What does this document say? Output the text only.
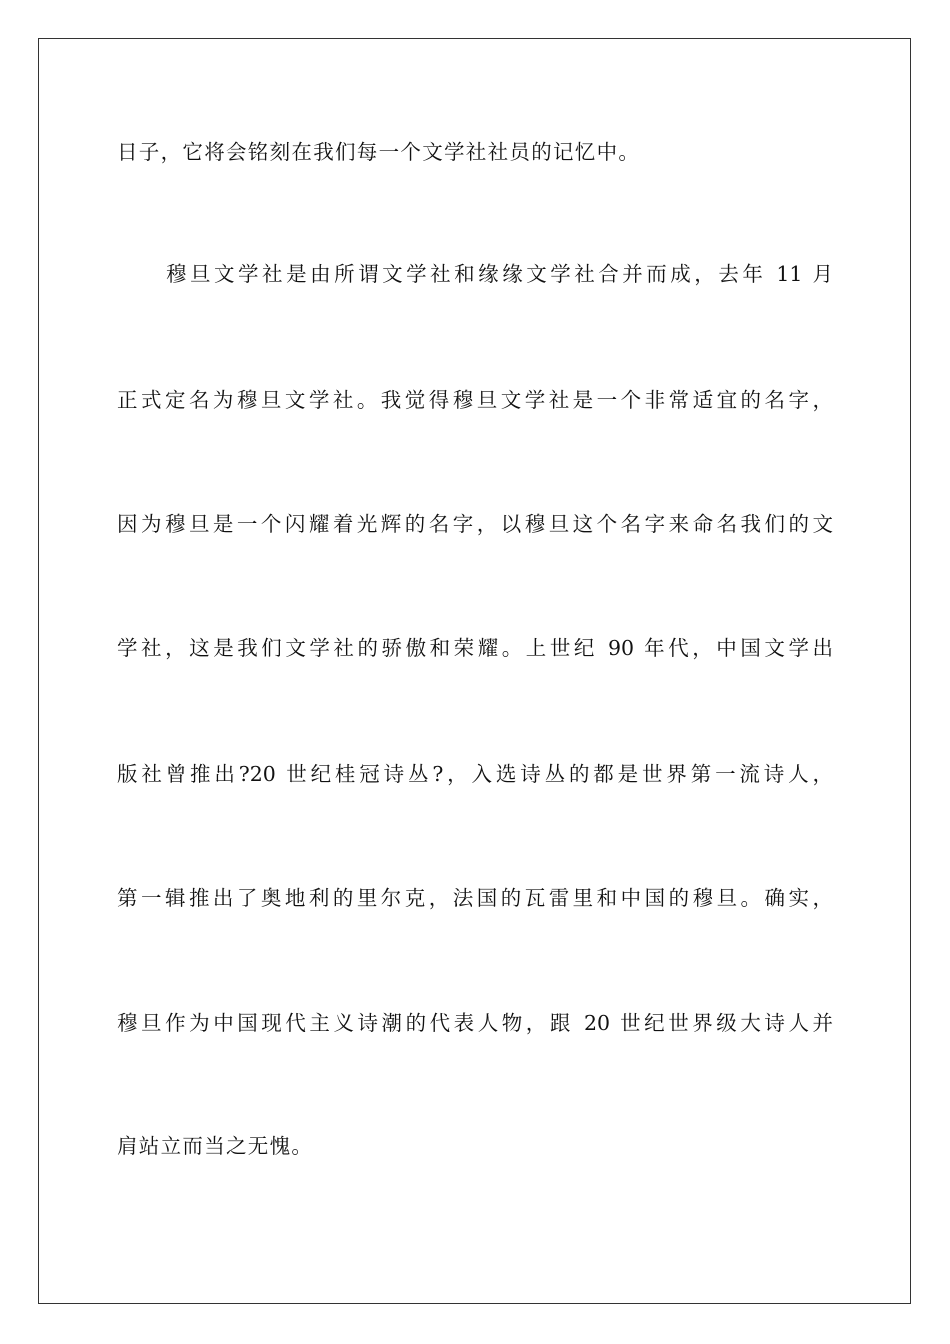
日子，它将会铭刻在我们每一个文学社社员的记忆中。
穆旦文学社是由所谓文学社和缘缘文学社合并而成，去年 11 月
正式定名为穆旦文学社。我觉得穆旦文学社是一个非常适宜的名字，
因为穆旦是一个闪耀着光辉的名字，以穆旦这个名字来命名我们的文
学社，这是我们文学社的骄傲和荣耀。上世纪 90 年代，中国文学出
版社曾推出?20 世纪桂冠诗丛?，入选诗丛的都是世界第一流诗人，
第一辑推出了奥地利的里尔克，法国的瓦雷里和中国的穆旦。确实，
穆旦作为中国现代主义诗潮的代表人物，跟 20 世纪世界级大诗人并
肩站立而当之无愧。
